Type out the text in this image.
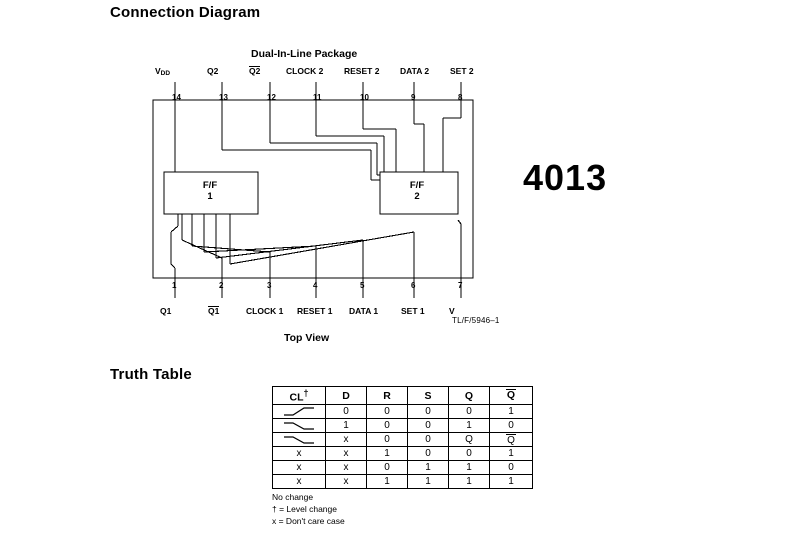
Connection Diagram
Truth Table
Dual-In-Line Package
Top View
4013
TL/F/5946–1
VDD	Q2	Q2	CLOCK 2 RESET 2 DATA 2 SET 2
14	13	12	11	10	9	8
1	2	3	4	5	6	7
Q1	Q1	CLOCK 1 RESET 1 DATA 1	SET 1	V
F/F
1
F/F
2
CL†	D	R	S	Q	Q

	0	0	0	0	1

	1	0	0	1	0

	x	0	0	Q	Q
x	x	1	0	0	1
x	x	0	1	1	0
x	x	1	1	1	1
No change
† = Level change
x = Don't care case
